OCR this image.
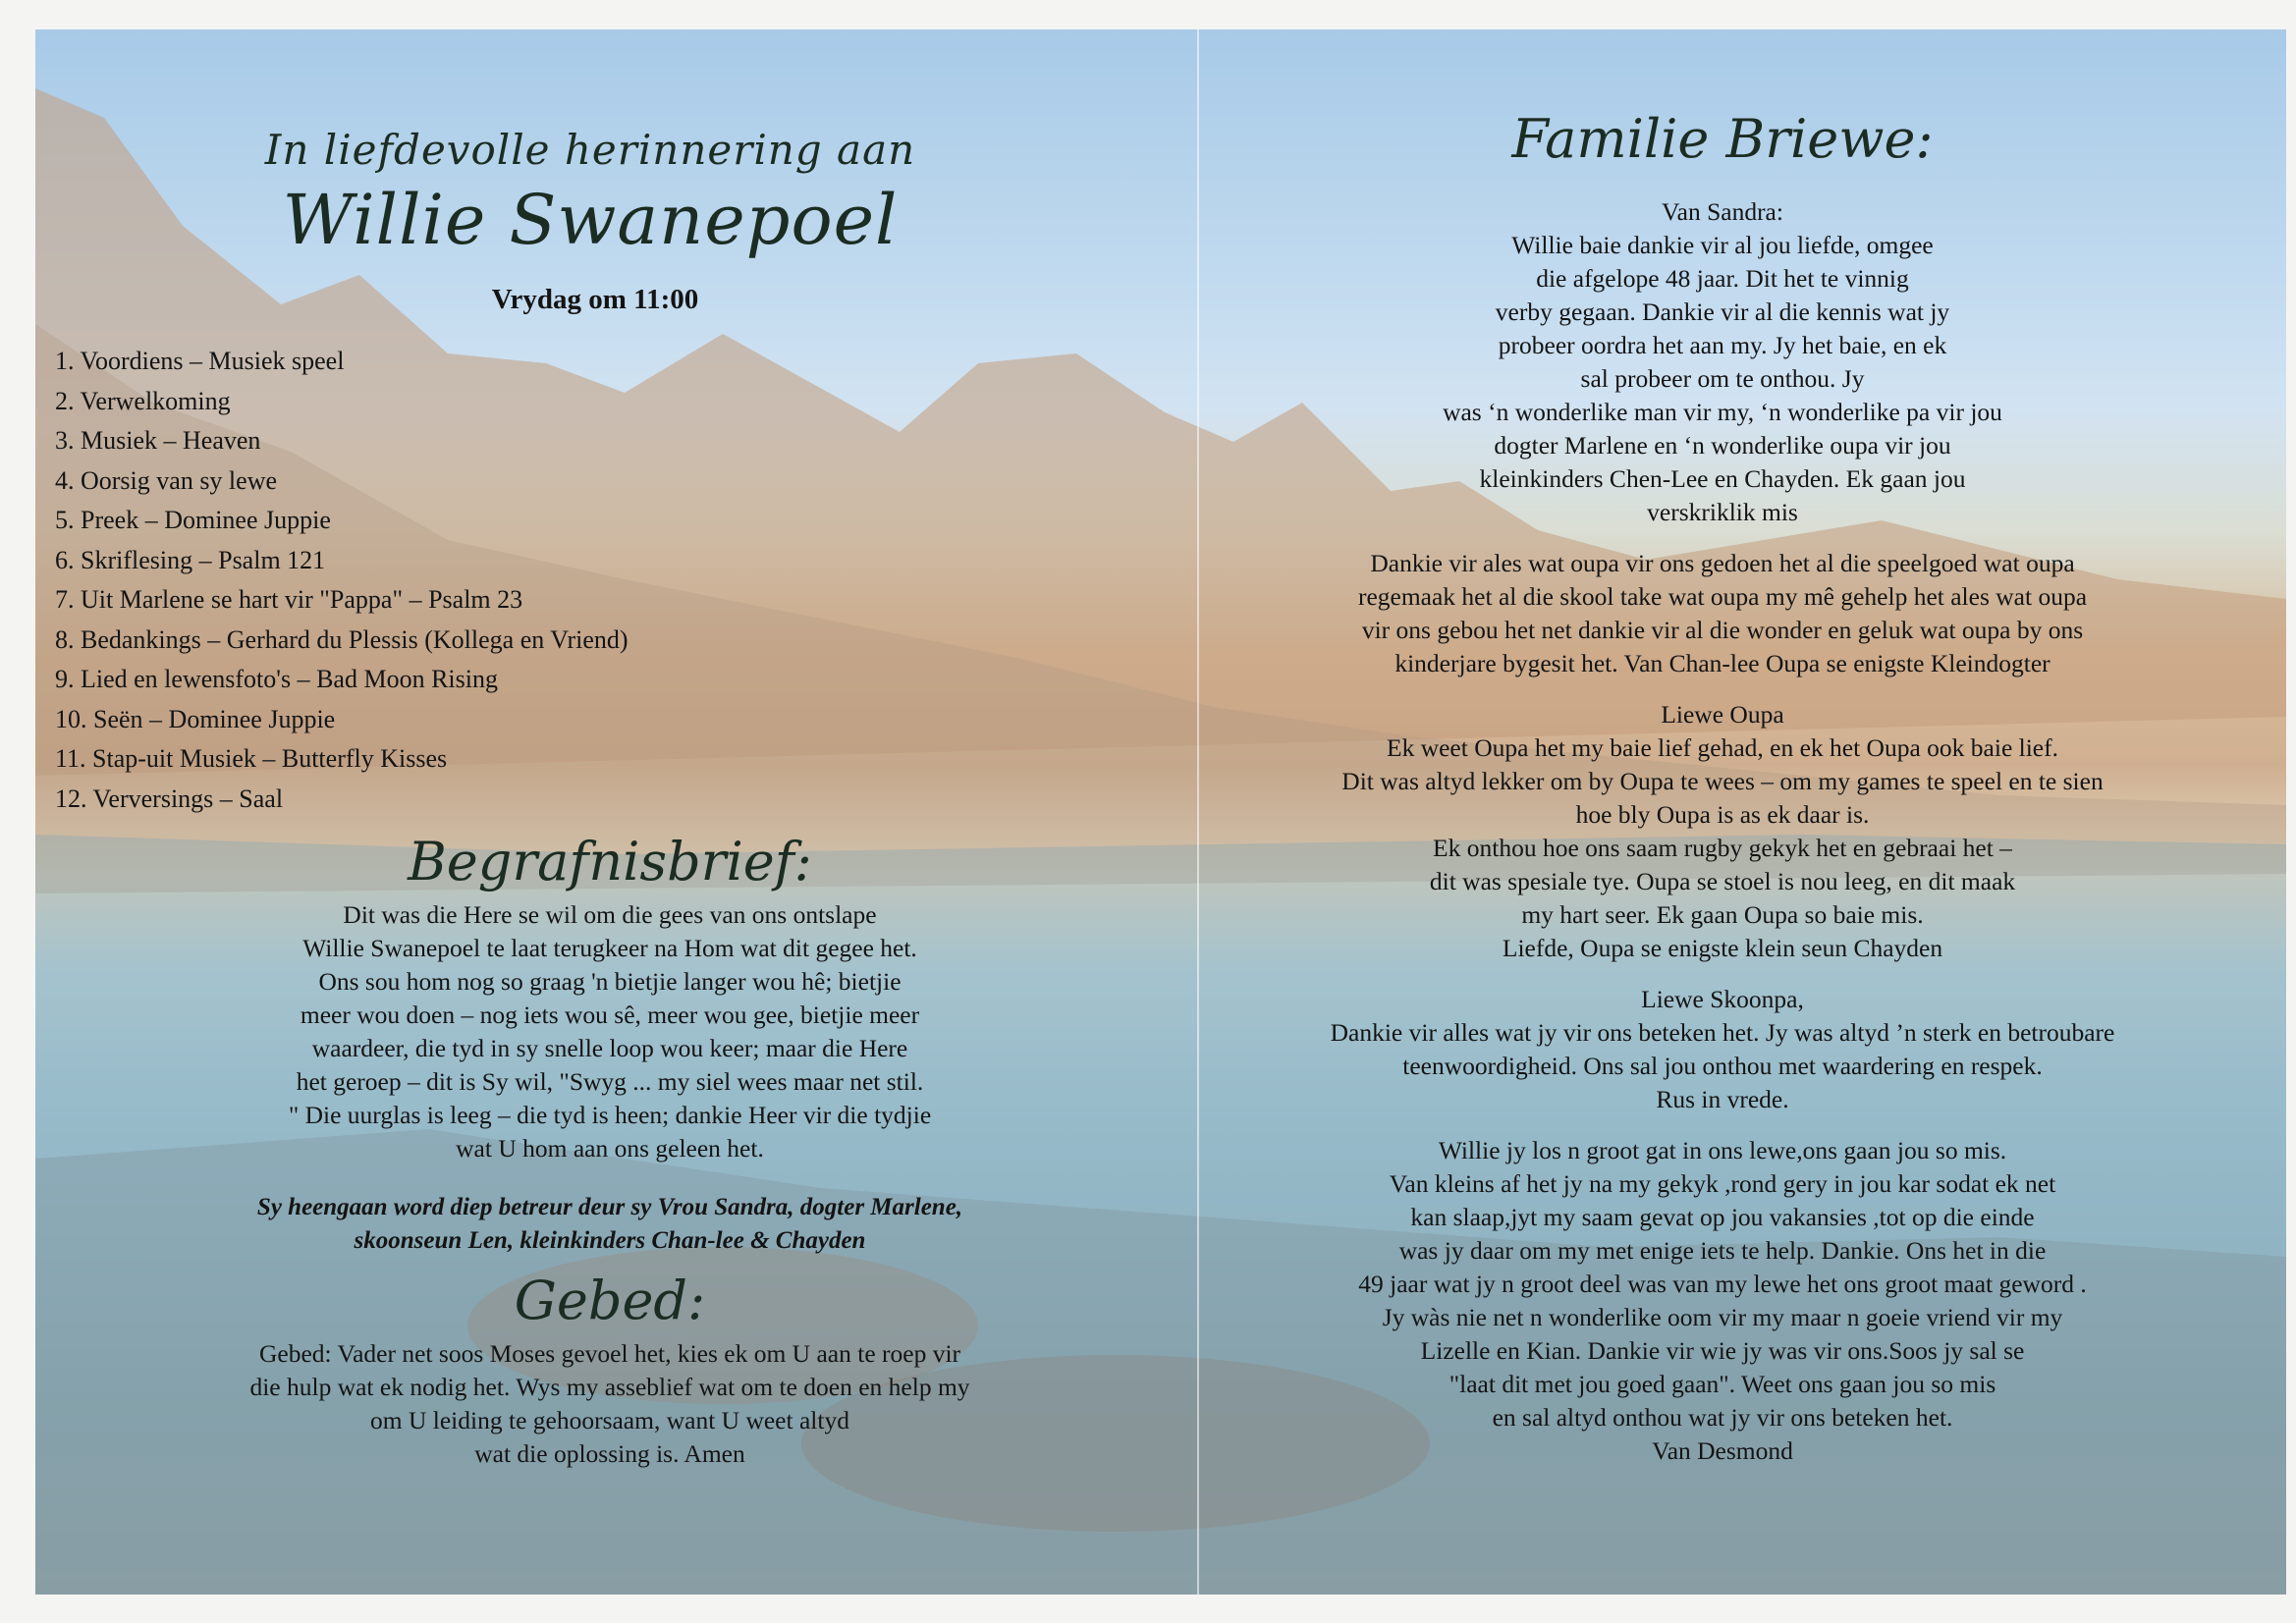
In liefdevolle herinnering aan
Willie Swanepoel
Vrydag om 11:00
1. Voordiens – Musiek speel
2. Verwelkoming
3. Musiek – Heaven
4. Oorsig van sy lewe
5. Preek – Dominee Juppie
6. Skriflesing – Psalm 121
7. Uit Marlene se hart vir "Pappa" – Psalm 23
8. Bedankings – Gerhard du Plessis (Kollega en Vriend)
9. Lied en lewensfoto's – Bad Moon Rising
10. Seën – Dominee Juppie
11. Stap-uit Musiek – Butterfly Kisses
12. Verversings – Saal
Begrafnisbrief:

Dit was die Here se wil om die gees van ons ontslape
Willie Swanepoel te laat terugkeer na Hom wat dit gegee het.
Ons sou hom nog so graag 'n bietjie langer wou hê; bietjie
meer wou doen – nog iets wou sê, meer wou gee, bietjie meer
waardeer, die tyd in sy snelle loop wou keer; maar die Here
het geroep – dit is Sy wil, "Swyg ... my siel wees maar net stil.
" Die uurglas is leeg – die tyd is heen; dankie Heer vir die tydjie
wat U hom aan ons geleen het.

Sy heengaan word diep betreur deur sy Vrou Sandra, dogter Marlene,
skoonseun Len, kleinkinders Chan-lee & Chayden

Gebed:

Gebed: Vader net soos Moses gevoel het, kies ek om U aan te roep vir
die hulp wat ek nodig het. Wys my asseblief wat om te doen en help my
om U leiding te gehoorsaam, want U weet altyd
wat die oplossing is. Amen

Familie Briewe:

Van Sandra:
Willie baie dankie vir al jou liefde, omgee
die afgelope 48 jaar. Dit het te vinnig
verby gegaan. Dankie vir al die kennis wat jy
probeer oordra het aan my. Jy het baie, en ek
sal probeer om te onthou. Jy
was ‘n wonderlike man vir my, ‘n wonderlike pa vir jou
dogter Marlene en ‘n wonderlike oupa vir jou
kleinkinders Chen-Lee en Chayden. Ek gaan jou
verskriklik mis

Dankie vir ales wat oupa vir ons gedoen het al die speelgoed wat oupa
regemaak het al die skool take wat oupa my mê gehelp het ales wat oupa
vir ons gebou het net dankie vir al die wonder en geluk wat oupa by ons
kinderjare bygesit het. Van Chan-lee Oupa se enigste Kleindogter

Liewe Oupa
Ek weet Oupa het my baie lief gehad, en ek het Oupa ook baie lief.
Dit was altyd lekker om by Oupa te wees – om my games te speel en te sien
hoe bly Oupa is as ek daar is.
Ek onthou hoe ons saam rugby gekyk het en gebraai het –
dit was spesiale tye. Oupa se stoel is nou leeg, en dit maak
my hart seer. Ek gaan Oupa so baie mis.
Liefde, Oupa se enigste klein seun Chayden

Liewe Skoonpa,
Dankie vir alles wat jy vir ons beteken het. Jy was altyd ’n sterk en betroubare
teenwoordigheid. Ons sal jou onthou met waardering en respek.
Rus in vrede.

Willie jy los n groot gat in ons lewe,ons gaan jou so mis.
Van kleins af het jy na my gekyk ,rond gery in jou kar sodat ek net
kan slaap,jyt my saam gevat op jou vakansies ,tot op die einde
was jy daar om my met enige iets te help. Dankie. Ons het in die
49 jaar wat jy n groot deel was van my lewe het ons groot maat geword .
Jy wàs nie net n wonderlike oom vir my maar n goeie vriend vir my
Lizelle en Kian. Dankie vir wie jy was vir ons.Soos jy sal se
"laat dit met jou goed gaan". Weet ons gaan jou so mis
en sal altyd onthou wat jy vir ons beteken het.
Van Desmond
